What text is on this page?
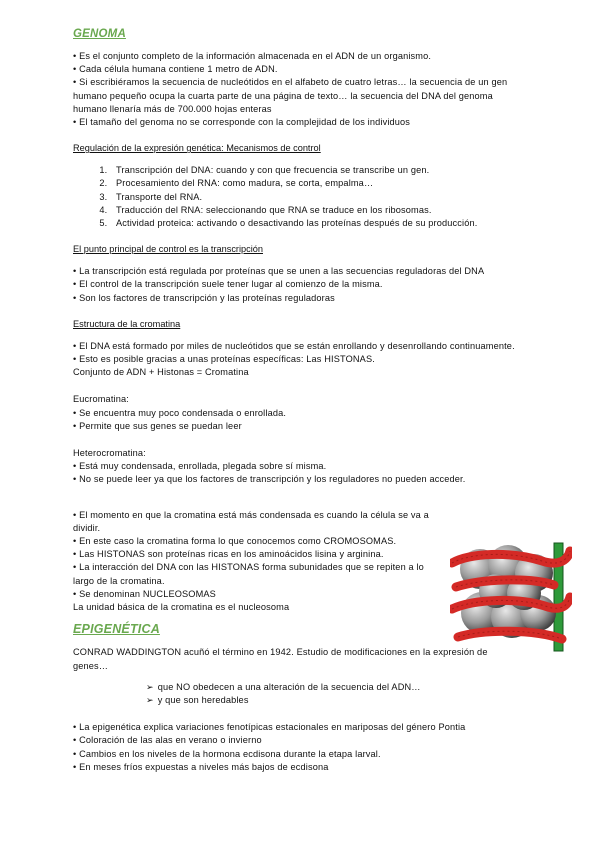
GENOMA
• Es el conjunto completo de la información almacenada en el ADN de un organismo.
• Cada célula humana contiene 1 metro de ADN.
• Si escribiéramos la secuencia de nucleótidos en el alfabeto de cuatro letras… la secuencia de un gen humano pequeño ocupa la cuarta parte de una página de texto… la secuencia del DNA del genoma humano llenaría más de 700.000 hojas enteras
• El tamaño del genoma no se corresponde con la complejidad de los individuos
Regulación de la expresión genética: Mecanismos de control
1. Transcripción del DNA: cuando y con que frecuencia se transcribe un gen.
2. Procesamiento del RNA: como madura, se corta, empalma…
3. Transporte del RNA.
4. Traducción del RNA: seleccionando que RNA se traduce en los ribosomas.
5. Actividad proteica: activando o desactivando las proteínas después de su producción.
El punto principal de control es la transcripción
• La transcripción está regulada por proteínas que se unen a las secuencias reguladoras del DNA
• El control de la transcripción suele tener lugar al comienzo de la misma.
• Son los factores de transcripción y las proteínas reguladoras
Estructura de la cromatina
• El DNA está formado por miles de nucleótidos que se están enrollando y desenrollando continuamente.
• Esto es posible gracias a unas proteínas específicas: Las HISTONAS.

Conjunto de ADN + Histonas = Cromatina

Eucromatina:

• Se encuentra muy poco condensada o enrollada.
• Permite que sus genes se puedan leer

Heterocromatina:

• Está muy condensada, enrollada, plegada sobre sí misma.
• No se puede leer ya que los factores de transcripción y los reguladores no pueden acceder.
• El momento en que la cromatina está más condensada es cuando la célula se va a dividir.
• En este caso la cromatina forma lo que conocemos como CROMOSOMAS.
• Las HISTONAS son proteínas ricas en los aminoácidos lisina y arginina.
• La interacción del DNA con las HISTONAS forma subunidades que se repiten a lo largo de la cromatina.
• Se denominan NUCLEOSOMAS

La unidad básica de la cromatina es el nucleosoma

EPIGENÉTICA

CONRAD WADDINGTON acuñó el término en 1942. Estudio de modificaciones en la expresión de genes…

➢ que NO obedecen a una alteración de la secuencia del ADN…

➢ y que son heredables

• La epigenética explica variaciones fenotípicas estacionales en mariposas del género Pontia
• Coloración de las alas en verano o invierno
• Cambios en los niveles de la hormona ecdisona durante la etapa larval.
• En meses fríos expuestas a niveles más bajos de ecdisona
